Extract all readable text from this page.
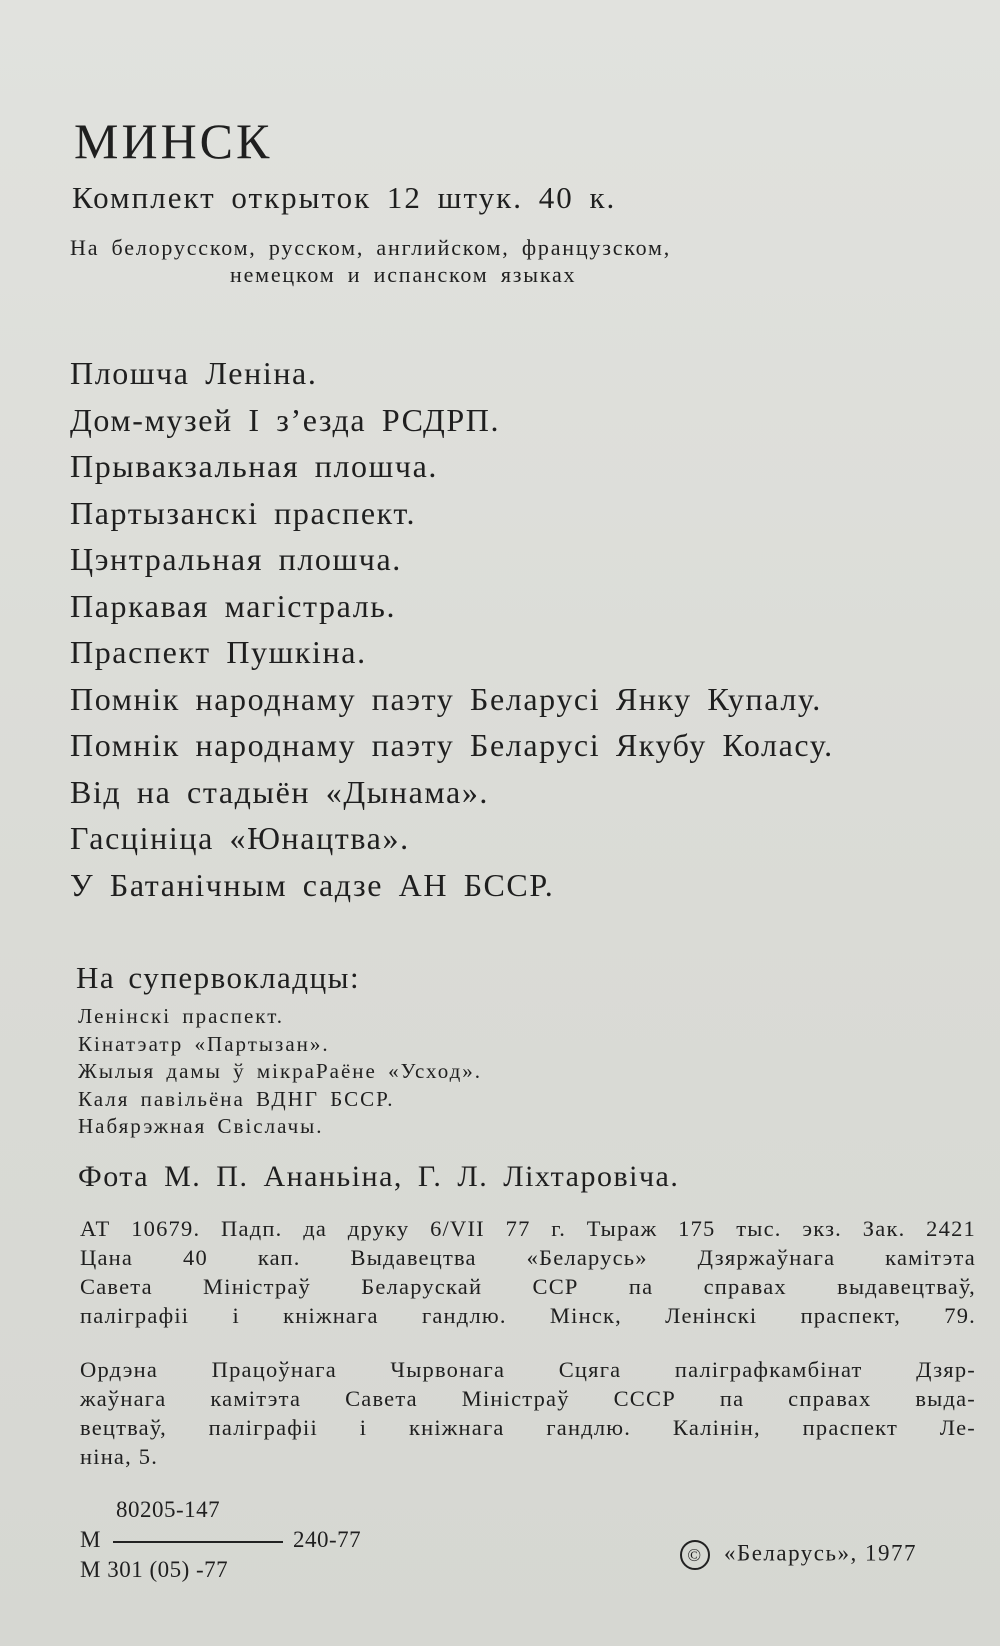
МИНСК
Комплект открыток 12 штук. 40 к.
На белорусском, русском, английском, французском,
немецком и испанском языках
Плошча Леніна.
Дом-музей І з’езда РСДРП.
Прывакзальная плошча.
Партызанскі праспект.
Цэнтральная плошча.
Паркавая магістраль.
Праспект Пушкіна.
Помнік народнаму паэту Беларусі Янку Купалу.
Помнік народнаму паэту Беларусі Якубу Коласу.
Від на стадыён «Дынама».
Гасцініца «Юнацтва».
У Батанічным садзе АН БССР.
На супервокладцы:
Ленінскі праспект.
Кінатэатр «Партызан».
Жылыя дамы ў мікраРаёне «Усход».
Каля павільёна ВДНГ БССР.
Набярэжная Свіслачы.
Фота М. П. Ананьіна, Г. Л. Ліхтаровіча.
АТ 10679. Падп. да друку 6/VII 77 г. Тыраж 175 тыс. экз. Зак. 2421
Цана 40 кап. Выдавецтва «Беларусь» Дзяржаўнага камітэта
Савета Міністраў Беларускай ССР па справах выдавецтваў,
паліграфіі і кніжнага гандлю. Мінск, Ленінскі праспект, 79.
Ордэна Працоўнага Чырвонага Сцяга паліграфкамбінат Дзяр-
жаўнага камітэта Савета Міністраў СССР па справах выда-
вецтваў, паліграфіі і кніжнага гандлю. Калінін, праспект Ле-
ніна, 5.
80205-147
М	240-77
М 301 (05) -77
© «Беларусь», 1977
